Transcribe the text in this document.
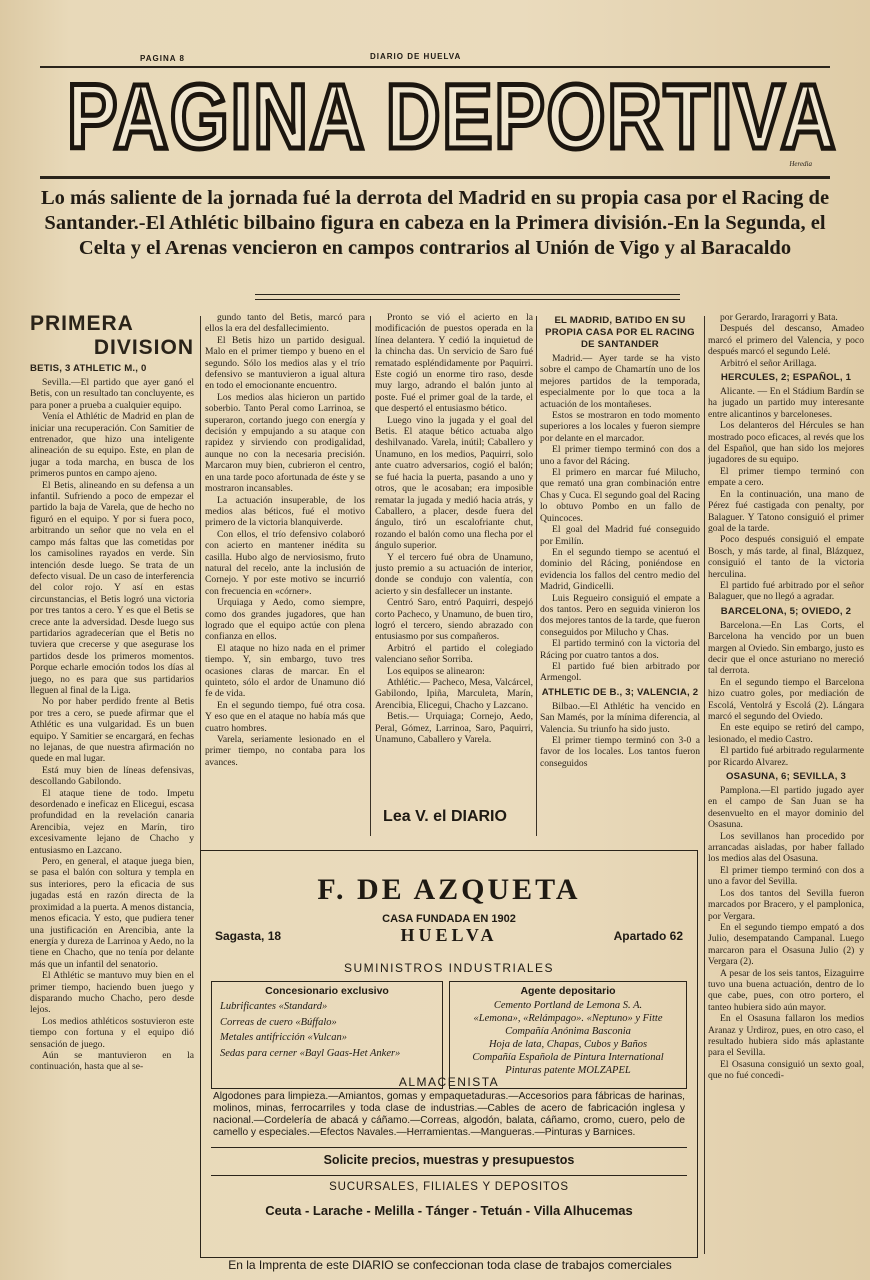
PAGINA 8	DIARIO DE HUELVA
PAGINA DEPORTIVA
Heredia
Lo más saliente de la jornada fué la derrota del Madrid en su propia casa por el Racing de Santander.-El Athlétic bilbaino figura en cabeza en la Primera división.-En la Segunda, el Celta y el Arenas vencieron en campos contrarios al Unión de Vigo y al Baracaldo
PRIMERA
DIVISION
BETIS, 3 ATHLETIC M., 0

Sevilla.—El partido que ayer ganó el Betis, con un resultado tan concluyente, es para poner a prueba a cualquier equipo.

Venía el Athlétic de Madrid en plan de iniciar una recuperación. Con Samitier de entrenador, que hizo una inteligente alineación de su equipo. Este, en plan de jugar a toda marcha, en busca de los primeros puntos en campo ajeno.

El Betis, alineando en su defensa a un infantil. Sufriendo a poco de empezar el partido la baja de Varela, que de hecho no figuró en el equipo. Y por si fuera poco, arbitrando un señor que no vela en el campo más faltas que las cometidas por los camisolines rayados en verde. Sin intención desde luego. Se trata de un defecto visual. De un caso de interferencia del color rojo. Y así en estas circunstancias, el Betis logró una victoria por tres tantos a cero. Y es que el Betis se crece ante la adversidad. Desde luego sus partidarios agradecerían que el Betis no tuviera que crecerse y que asegurase los partidos desde los primeros momentos. Porque echarle emoción todos los días al juego, no es para que sus partidarios lleguen al final de la Liga.

No por haber perdido frente al Betis por tres a cero, se puede afirmar que el Athlétic es una vulgaridad. Es un buen equipo. Y Samitier se encargará, en fechas no lejanas, de que nuestra afirmación no quede en mal lugar.

Está muy bien de líneas defensivas, descollando Gabilondo.

El ataque tiene de todo. Impetu desordenado e ineficaz en Elicegui, escasa profundidad en la revelación canaria Arencibia, vejez en Marín, tiro excesivamente lejano de Chacho y entusiasmo en Lazcano.

Pero, en general, el ataque juega bien, se pasa el balón con soltura y templa en sus interiores, pero la eficacia de sus jugadas está en razón directa de la proximidad a la puerta. A menos distancia, menos eficacia. Y esto, que pudiera tener una justificación en Arencibia, ante la energía y dureza de Larrinoa y Aedo, no la tiene en Chacho, que no tenía por delante más que un infantil del senatorio.

El Athlétic se mantuvo muy bien en el primer tiempo, haciendo buen juego y disparando mucho Chacho, pero desde lejos.

Los medios athléticos sostuvieron este tiempo con fortuna y el equipo dió sensación de juego.

Aún se mantuvieron en la continuación, hasta que al se-

gundo tanto del Betis, marcó para ellos la era del desfallecimiento.

El Betis hizo un partido desigual. Malo en el primer tiempo y bueno en el segundo. Sólo los medios alas y el trío defensivo se mantuvieron a igual altura en todo el emocionante encuentro.

Los medios alas hicieron un partido soberbio. Tanto Peral como Larrinoa, se superaron, cortando juego con energía y decisión y empujando a su ataque con rapidez y sirviendo con prodigalidad, aunque no con la necesaria precisión. Marcaron muy bien, cubrieron el centro, en una tarde poco afortunada de éste y se mostraron incansables.

La actuación insuperable, de los medios alas béticos, fué el motivo primero de la victoria blanquiverde.

Con ellos, el trío defensivo colaboró con acierto en mantener inédita su casilla. Hubo algo de nerviosismo, fruto natural del recelo, ante la inclusión de Cornejo. Y por este motivo se incurrió con frecuencia en «córner».

Urquiaga y Aedo, como siempre, como dos grandes jugadores, que han logrado que el equipo actúe con plena confianza en ellos.

El ataque no hizo nada en el primer tiempo. Y, sin embargo, tuvo tres ocasiones claras de marcar. En el quinteto, sólo el ardor de Unamuno dió fe de vida.

En el segundo tiempo, fué otra cosa. Y eso que en el ataque no había más que cuatro hombres.

Varela, seriamente lesionado en el primer tiempo, no contaba para los avances.

Pronto se vió el acierto en la modificación de puestos operada en la línea delantera. Y cedió la inquietud de la chincha das. Un servicio de Saro fué rematado espléndidamente por Paquirri. Este cogió un enorme tiro raso, desde muy largo, adrando el balón junto al poste. Fué el primer goal de la tarde, el que despertó el entusiasmo bético.

Luego vino la jugada y el goal del Betis. El ataque bético actuaba algo deshilvanado. Varela, inútil; Caballero y Unamuno, en los medios, Paquirri, solo ante cuatro adversarios, cogió el balón; se fué hacia la puerta, pasando a uno y otros, que le acosaban; era imposible rematar la jugada y medió hacia atrás, y Caballero, a placer, desde fuera del ángulo, tiró un escalofriante chut, rozando el balón como una flecha por el ángulo superior.

Y el tercero fué obra de Unamuno, justo premio a su actuación de interior, donde se condujo con valentía, con acierto y sin desfallecer un instante.

Centró Saro, entró Paquirri, despejó corto Pacheco, y Unamuno, de buen tiro, logró el tercero, siendo abrazado con entusiasmo por sus compañeros.

Arbitró el partido el colegiado valenciano señor Sorriba.

Los equipos se alinearon:

Athlétic.— Pacheco, Mesa, Valcárcel, Gabilondo, Ipiña, Marculeta, Marín, Arencibia, Elicegui, Chacho y Lazcano.

Betis.— Urquiaga; Cornejo, Aedo, Peral, Gómez, Larrinoa, Saro, Paquirri, Unamuno, Caballero y Varela.

Lea V. el DIARIO
EL MADRID, BATIDO EN SU PROPIA CASA POR EL RACING DE SANTANDER

Madrid.— Ayer tarde se ha visto sobre el campo de Chamartín uno de los mejores partidos de la temporada, especialmente por lo que toca a la actuación de los montañeses.

Estos se mostraron en todo momento superiores a los locales y fueron siempre por delante en el marcador.

El primer tiempo terminó con dos a uno a favor del Rácing.

El primero en marcar fué Milucho, que remató una gran combinación entre Chas y Cuca. El segundo goal del Racing lo obtuvo Pombo en un fallo de Quincoces.

El goal del Madrid fué conseguido por Emilín.

En el segundo tiempo se acentuó el dominio del Rácing, poniéndose en evidencia los fallos del centro medio del Madrid, Gindicelli.

Luis Regueiro consiguió el empate a dos tantos. Pero en seguida vinieron los dos mejores tantos de la tarde, que fueron conseguidos por Milucho y Chas.

El partido terminó con la victoria del Rácing por cuatro tantos a dos.

El partido fué bien arbitrado por Armengol.

ATHLETIC DE B., 3; VALENCIA, 2

Bilbao.—El Athlétic ha vencido en San Mamés, por la mínima diferencia, al Valencia. Su triunfo ha sido justo.

El primer tiempo terminó con 3-0 a favor de los locales. Los tantos fueron conseguidos

por Gerardo, Iraragorri y Bata.

Después del descanso, Amadeo marcó el primero del Valencia, y poco después marcó el segundo Lelé.

Arbitró el señor Arillaga.

HERCULES, 2; ESPAÑOL, 1

Alicante. — En el Stádium Bardín se ha jugado un partido muy interesante entre alicantinos y barceloneses.

Los delanteros del Hércules se han mostrado poco eficaces, al revés que los del Español, que han sido los mejores jugadores de su equipo.

El primer tiempo terminó con empate a cero.

En la continuación, una mano de Pérez fué castigada con penalty, por Balaguer. Y Tatono consiguió el primer goal de la tarde.

Poco después consiguió el empate Bosch, y más tarde, al final, Blázquez, consiguió el tanto de la victoria herculina.

El partido fué arbitrado por el señor Balaguer, que no llegó a agradar.

BARCELONA, 5; OVIEDO, 2

Barcelona.—En Las Corts, el Barcelona ha vencido por un buen margen al Oviedo. Sin embargo, justo es decir que el once asturiano no mereció tal derrota.

En el segundo tiempo el Barcelona hizo cuatro goles, por mediación de Escolá, Ventolrá y Escolá (2). Lángara marcó el segundo del Oviedo.

En este equipo se retiró del campo, lesionado, el medio Castro.

El partido fué arbitrado regularmente por Ricardo Alvarez.

OSASUNA, 6; SEVILLA, 3

Pamplona.—El partido jugado ayer en el campo de San Juan se ha desenvuelto en el mayor dominio del Osasuna.

Los sevillanos han procedido por arrancadas aisladas, por haber fallado los medios alas del Osasuna.

El primer tiempo terminó con dos a uno a favor del Sevilla.

Los dos tantos del Sevilla fueron marcados por Bracero, y el pamplonica, por Vergara.

En el segundo tiempo empató a dos Julio, desempatando Campanal. Luego marcaron para el Osasuna Julio (2) y Vergara (2).

A pesar de los seis tantos, Eizaguirre tuvo una buena actuación, dentro de lo que cabe, pues, con otro portero, el tanteo hubiera sido aún mayor.

En el Osasuna fallaron los medios Aranaz y Urdiroz, pues, en otro caso, el resultado hubiera sido más aplastante para el Sevilla.

El Osasuna consiguió un sexto goal, que no fué concedi-

F. DE AZQUETA
CASA FUNDADA EN 1902
Sagasta, 18	HUELVA	Apartado 62
SUMINISTROS INDUSTRIALES
Concesionario exclusivo
Lubrificantes «Standard»
Correas de cuero «Búffalo»
Metales antifricción «Vulcan»
Sedas para cerner «Bayl Gaas-Het Anker»
Agente depositario
Cemento Portland de Lemona S. A.
«Lemona», «Relámpago». «Neptuno» y Fitte
Compañía Anónima Basconia
Hoja de lata, Chapas, Cubos y Baños
Compañía Española de Pintura International
Pinturas patente MOLZAPEL
ALMACENISTA
Algodones para limpieza.—Amiantos, gomas y empaquetaduras.—Accesorios para fábricas de harinas, molinos, minas, ferrocarriles y toda clase de industrias.—Cables de acero de fabricación inglesa y nacional.—Cordelería de abacá y cáñamo.—Correas, algodón, balata, cáñamo, cromo, cuero, pelo de camello y especiales.—Efectos Navales.—Herramientas.—Mangueras.—Pinturas y Barnices.
Solicite precios, muestras y presupuestos
SUCURSALES, FILIALES Y DEPOSITOS
Ceuta - Larache - Melilla - Tánger - Tetuán - Villa Alhucemas
En la Imprenta de este DIARIO se confeccionan toda clase de trabajos comerciales
